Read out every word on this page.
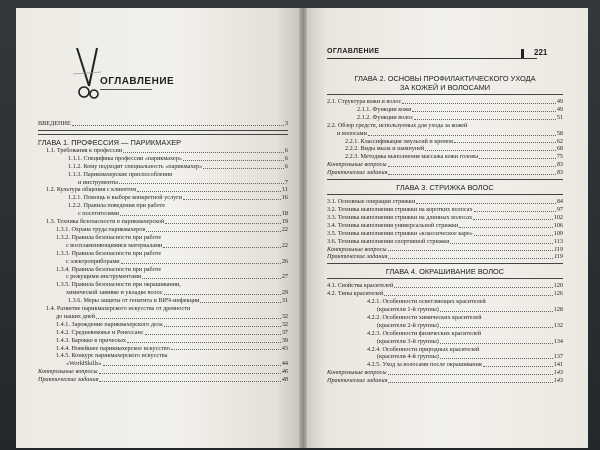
ОГЛАВЛЕНИЕ
ВВЕДЕНИЕ	3
ГЛАВА 1. ПРОФЕССИЯ — ПАРИКМАХЕР
1.1. Требования к профессии	6
1.1.1. Специфика профессии «парикмахер»	6
1.1.2. Кому подходит специальность «парикмахер»	6
1.1.3. Парикмахерские приспособления
и инструменты	7
1.2. Культура общения с клиентом	11
1.2.1. Помощь в выборе конкретной услуги	16
1.2.2. Правила поведения при работе
с посетителями	18
1.3. Техника безопасности в парикмахерской	19
1.3.1. Охрана труда парикмахеров	22
1.3.2. Правила безопасности при работе
с воспламеняющимися материалами	22
1.3.3. Правила безопасности при работе
с электроприборами	26
1.3.4. Правила безопасности при работе
с режущими инструментами	27
1.3.5. Правила безопасности при окрашивании,
химической завивке и укладке волос	29
1.3.6. Меры защиты от гепатита и ВИЧ-инфекции	31
1.4. Развитие парикмахерского искусства от древности
до наших дней	32
1.4.1. Зарождение парикмахерского дела	32
1.4.2. Средневековье и Ренессанс	37
1.4.3. Барокко в прическах	39
1.4.4. Новейшее парикмахерское искусство	43
1.4.5. Конкурс парикмахерского искусства
«WorldSkills»	44
Контрольные вопросы	46
Практические задания	48
ОГЛАВЛЕНИЕ	221
ГЛАВА 2. ОСНОВЫ ПРОФИЛАКТИЧЕСКОГО УХОДА
ЗА КОЖЕЙ И ВОЛОСАМИ
2.1. Структура кожи и волос	49
2.1.1. Функции кожи	49
2.1.2. Функции волос	51
2.2. Обзор средств, используемых для ухода за кожей
и волосами	58
2.2.1. Классификация эмульсий и кремов	62
2.2.2. Виды мыла и шампуней	68
2.2.3. Методика выполнения массажа кожи головы	75
Контрольные вопросы	83
Практические задания	83
ГЛАВА 3. СТРИЖКА ВОЛОС
3.1. Основные операции стрижки	84
3.2. Техника выполнения стрижки на коротких волосах	97
3.3. Техника выполнения стрижки на длинных волосах	102
3.4. Техника выполнения универсальной стрижки	106
3.5. Техника выполнения стрижки «классическое каре»	109
3.6. Техника выполнения спортивной стрижки	113
Контрольные вопросы	119
Практические задания	119
ГЛАВА 4. ОКРАШИВАНИЕ ВОЛОС
4.1. Свойства красителей	120
4.2. Типы красителей	126
4.2.1. Особенности осветляющих красителей
(красители 1-й группы)	128
4.2.2. Особенности химических красителей
(красители 2-й группы)	132
4.2.3. Особенности физических красителей
(красители 3-й группы)	134
4.2.4. Особенности природных красителей
(красители 4-й группы)	137
4.2.5. Уход за волосами после окрашивания	141
Контрольные вопросы	143
Практические задания	143
